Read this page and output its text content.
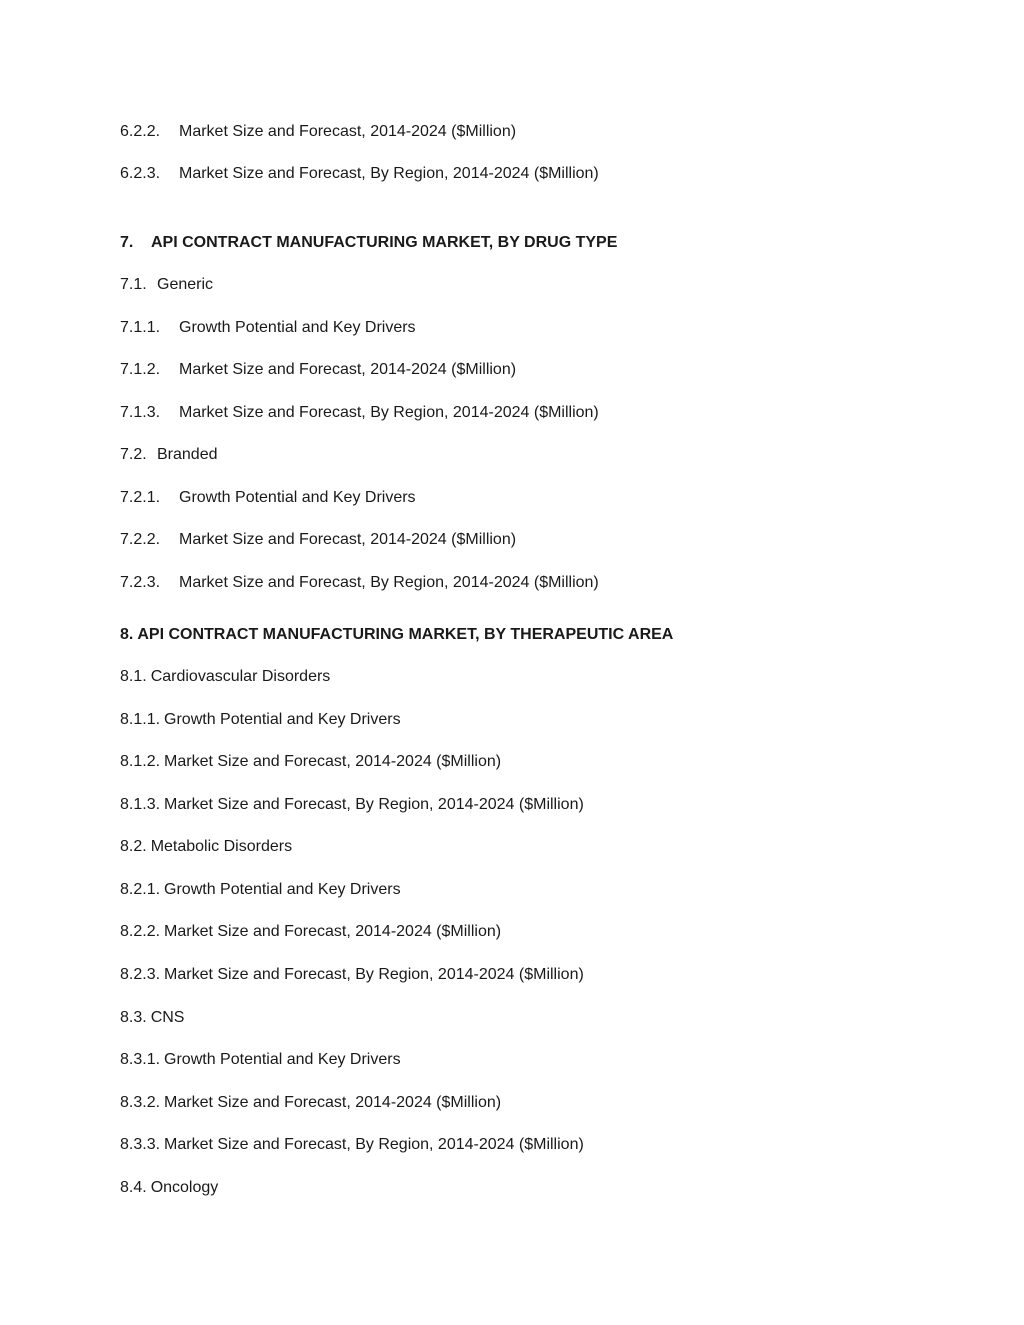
6.2.2. Market Size and Forecast, 2014-2024 ($Million)
6.2.3. Market Size and Forecast, By Region, 2014-2024 ($Million)
7. API CONTRACT MANUFACTURING MARKET, BY DRUG TYPE
7.1. Generic
7.1.1. Growth Potential and Key Drivers
7.1.2. Market Size and Forecast, 2014-2024 ($Million)
7.1.3. Market Size and Forecast, By Region, 2014-2024 ($Million)
7.2. Branded
7.2.1. Growth Potential and Key Drivers
7.2.2. Market Size and Forecast, 2014-2024 ($Million)
7.2.3. Market Size and Forecast, By Region, 2014-2024 ($Million)
8. API CONTRACT MANUFACTURING MARKET, BY THERAPEUTIC AREA
8.1. Cardiovascular Disorders
8.1.1. Growth Potential and Key Drivers
8.1.2. Market Size and Forecast, 2014-2024 ($Million)
8.1.3. Market Size and Forecast, By Region, 2014-2024 ($Million)
8.2. Metabolic Disorders
8.2.1. Growth Potential and Key Drivers
8.2.2. Market Size and Forecast, 2014-2024 ($Million)
8.2.3. Market Size and Forecast, By Region, 2014-2024 ($Million)
8.3. CNS
8.3.1. Growth Potential and Key Drivers
8.3.2. Market Size and Forecast, 2014-2024 ($Million)
8.3.3. Market Size and Forecast, By Region, 2014-2024 ($Million)
8.4. Oncology
